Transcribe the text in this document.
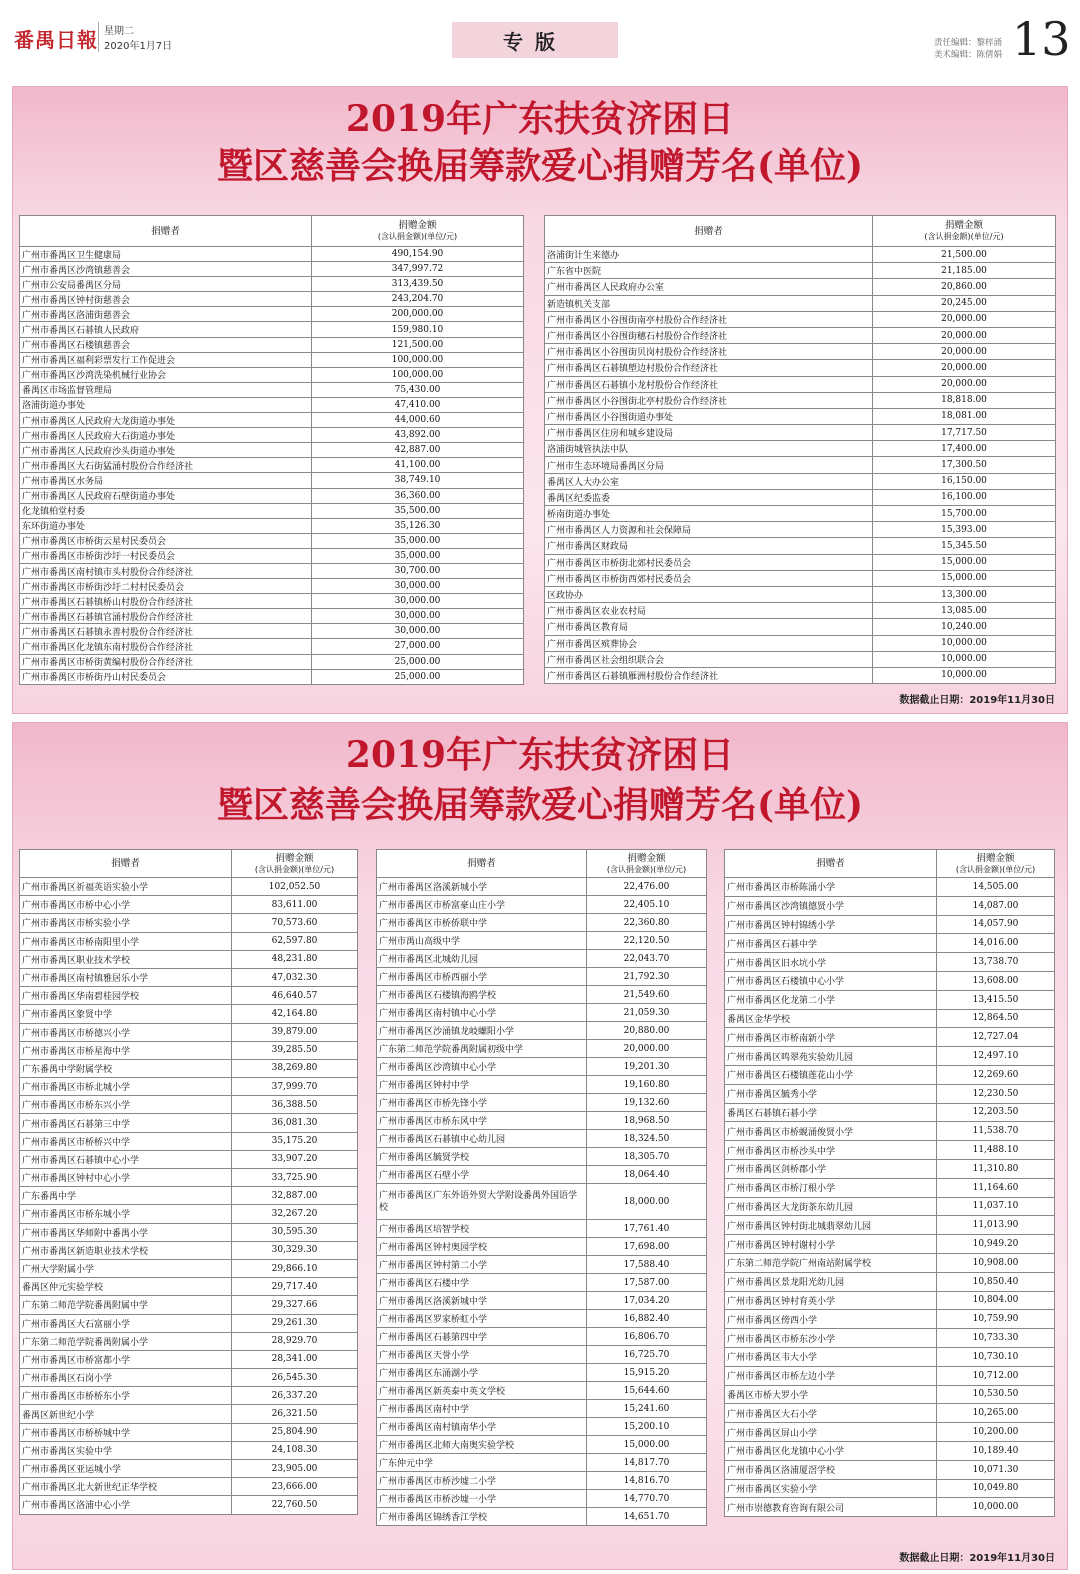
番禺日報 星期二
2020年1月7日	专版	责任编辑：黎梓涌
美术编辑：陈倩娟 13
2019年广东扶贫济困日
暨区慈善会换届筹款爱心捐赠芳名(单位)
捐赠者	捐赠金额
(含认捐金额)(单位/元)
广州市番禺区卫生健康局	490,154.90
广州市番禺区沙湾镇慈善会	347,997.72
广州市公安局番禺区分局	313,439.50
广州市番禺区钟村街慈善会	243,204.70
广州市番禺区洛浦街慈善会	200,000.00
广州市番禺区石碁镇人民政府	159,980.10
广州市番禺区石楼镇慈善会	121,500.00
广州市番禺区福利彩票发行工作促进会	100,000.00
广州市番禺区沙湾洗染机械行业协会	100,000.00
番禺区市场监督管理局	75,430.00
洛浦街道办事处	47,410.00
广州市番禺区人民政府大龙街道办事处	44,000.60
广州市番禺区人民政府大石街道办事处	43,892.00
广州市番禺区人民政府沙头街道办事处	42,887.00
广州市番禺区大石街猛涌村股份合作经济社	41,100.00
广州市番禺区水务局	38,749.10
广州市番禺区人民政府石壁街道办事处	36,360.00
化龙镇柏堂村委	35,500.00
东环街道办事处	35,126.30
广州市番禺区市桥街云星村民委员会	35,000.00
广州市番禺区市桥街沙圩一村民委员会	35,000.00
广州市番禺区南村镇市头村股份合作经济社	30,700.00
广州市番禺区市桥街沙圩二村村民委员会	30,000.00
广州市番禺区石碁镇桥山村股份合作经济社	30,000.00
广州市番禺区石碁镇官涌村股份合作经济社	30,000.00
广州市番禺区石碁镇永善村股份合作经济社	30,000.00
广州市番禺区化龙镇东南村股份合作经济社	27,000.00
广州市番禺区市桥街黄编村股份合作经济社	25,000.00
广州市番禺区市桥街丹山村民委员会	25,000.00
捐赠者	捐赠金额
(含认捐金额)(单位/元)
洛浦街计生来德办	21,500.00
广东省中医院	21,185.00
广州市番禺区人民政府办公室	20,860.00
新造镇机关支部	20,245.00
广州市番禺区小谷围街南亭村股份合作经济社	20,000.00
广州市番禺区小谷围街穗石村股份合作经济社	20,000.00
广州市番禺区小谷围街贝岗村股份合作经济社	20,000.00
广州市番禺区石碁镇塱边村股份合作经济社	20,000.00
广州市番禺区石碁镇小龙村股份合作经济社	20,000.00
广州市番禺区小谷围街北亭村股份合作经济社	18,818.00
广州市番禺区小谷围街道办事处	18,081.00
广州市番禺区住房和城乡建设局	17,717.50
洛浦街城管执法中队	17,400.00
广州市生态环境局番禺区分局	17,300.50
番禺区人大办公室	16,150.00
番禺区纪委监委	16,100.00
桥南街道办事处	15,700.00
广州市番禺区人力资源和社会保障局	15,393.00
广州市番禺区财政局	15,345.50
广州市番禺区市桥街北郊村民委员会	15,000.00
广州市番禺区市桥街西郊村民委员会	15,000.00
区政协办	13,300.00
广州市番禺区农业农村局	13,085.00
广州市番禺区教育局	10,240.00
广州市番禺区殡葬协会	10,000.00
广州市番禺区社会组织联合会	10,000.00
广州市番禺区石碁镇雁洲村股份合作经济社	10,000.00
数据截止日期：2019年11月30日
2019年广东扶贫济困日
暨区慈善会换届筹款爱心捐赠芳名(单位)
捐赠者	捐赠金额
(含认捐金额)(单位/元)
广州市番禺区祈福英语实验小学	102,052.50
广州市番禺区市桥中心小学	83,611.00
广州市番禺区市桥实验小学	70,573.60
广州市番禺区市桥南阳里小学	62,597.80
广州市番禺区职业技术学校	48,231.80
广州市番禺区南村镇雅居乐小学	47,032.30
广州市番禺区华南碧桂园学校	46,640.57
广州市番禺区象贤中学	42,164.80
广州市番禺区市桥德兴小学	39,879.00
广州市番禺区市桥星海中学	39,285.50
广东番禺中学附属学校	38,269.80
广州市番禺区市桥北城小学	37,999.70
广州市番禺区市桥东兴小学	36,388.50
广州市番禺区石碁第三中学	36,081.30
广州市番禺区市桥桥兴中学	35,175.20
广州市番禺区石碁镇中心小学	33,907.20
广州市番禺区钟村中心小学	33,725.90
广东番禺中学	32,887.00
广州市番禺区市桥东城小学	32,267.20
广州市番禺区华师附中番禺小学	30,595.30
广州市番禺区新造职业技术学校	30,329.30
广州大学附属小学	29,866.10
番禺区仲元实验学校	29,717.40
广东第二师范学院番禺附属中学	29,327.66
广州市番禺区大石富丽小学	29,261.30
广东第二师范学院番禺附属小学	28,929.70
广州市番禺区市桥富都小学	28,341.00
广州市番禺区石岗小学	26,545.30
广州市番禺区市桥桥东小学	26,337.20
番禺区新世纪小学	26,321.50
广州市番禺区市桥桥城中学	25,804.90
广州市番禺区实验中学	24,108.30
广州市番禺区亚运城小学	23,905.00
广州市番禺区北大新世纪正华学校	23,666.00
广州市番禺区洛浦中心小学	22,760.50
捐赠者	捐赠金额
(含认捐金额)(单位/元)
广州市番禺区洛溪新城小学	22,476.00
广州市番禺区市桥富豪山庄小学	22,405.10
广州市番禺区市桥侨联中学	22,360.80
广州市禺山高级中学	22,120.50
广州市番禺区北城幼儿园	22,043.70
广州市番禺区市桥西丽小学	21,792.30
广州市番禺区石楼镇海鸥学校	21,549.60
广州市番禺区南村镇中心小学	21,059.30
广州市番禺区沙涌镇龙岐螺阳小学	20,880.00
广东第二师范学院番禺附属初级中学	20,000.00
广州市番禺区沙湾镇中心小学	19,201.30
广州市番禺区钟村中学	19,160.80
广州市番禺区市桥先锋小学	19,132.60
广州市番禺区市桥东风中学	18,968.50
广州市番禺区石碁镇中心幼儿园	18,324.50
广州市番禺区毓贤学校	18,305.70
广州市番禺区石壁小学	18,064.40
广州市番禺区广东外语外贸大学附设番禺外国语学校	18,000.00
广州市番禺区培智学校	17,761.40
广州市番禺区钟村奥园学校	17,698.00
广州市番禺区钟村第二小学	17,588.40
广州市番禺区石楼中学	17,587.00
广州市番禺区洛溪新城中学	17,034.20
广州市番禺区罗家桥虹小学	16,882.40
广州市番禺区石碁第四中学	16,806.70
广州市番禺区天誉小学	16,725.70
广州市番禺区东涌湖小学	15,915.20
广州市番禺区新英泰中英文学校	15,644.60
广州市番禺区南村中学	15,241.60
广州市番禺区南村镇南华小学	15,200.10
广州市番禺区北师大南奥实验学校	15,000.00
广东仲元中学	14,817.70
广州市番禺区市桥沙墟二小学	14,816.70
广州市番禺区市桥沙墟一小学	14,770.70
广州市番禺区锦绣香江学校	14,651.70
捐赠者	捐赠金额
(含认捐金额)(单位/元)
广州市番禺区市桥陈涌小学	14,505.00
广州市番禺区沙湾镇德贤小学	14,087.00
广州市番禺区钟村锦绣小学	14,057.90
广州市番禺区石碁中学	14,016.00
广州市番禺区旧水坑小学	13,738.70
广州市番禺区石楼镇中心小学	13,608.00
广州市番禺区化龙第二小学	13,415.50
番禺区金华学校	12,864.50
广州市番禺区市桥南新小学	12,727.04
广州市番禺区鸣翠苑实验幼儿园	12,497.10
广州市番禺区石楼镇莲花山小学	12,269.60
广州市番禺区毓秀小学	12,230.50
番禺区石碁镇石碁小学	12,203.50
广州市番禺区市桥蚬涌俊贤小学	11,538.70
广州市番禺区市桥沙头中学	11,488.10
广州市番禺区剑桥郡小学	11,310.80
广州市番禺区市桥汀根小学	11,164.60
广州市番禺区大龙街茶东幼儿园	11,037.10
广州市番禺区钟村街北城翡翠幼儿园	11,013.90
广州市番禺区钟村谢村小学	10,949.20
广东第二师范学院广州南站附属学校	10,908.00
广州市番禺区景龙阳光幼儿园	10,850.40
广州市番禺区钟村育英小学	10,804.00
广州市番禺区傍西小学	10,759.90
广州市番禺区市桥东沙小学	10,733.30
广州市番禺区韦大小学	10,730.10
广州市番禺区市桥左边小学	10,712.00
番禺区市桥大罗小学	10,530.50
广州市番禺区大石小学	10,265.00
广州市番禺区屏山小学	10,200.00
广州市番禺区化龙镇中心小学	10,189.40
广州市番禺区洛浦厦滘学校	10,071.30
广州市番禺区实验小学	10,049.80
广州市崇德教育咨询有限公司	10,000.00
数据截止日期：2019年11月30日
